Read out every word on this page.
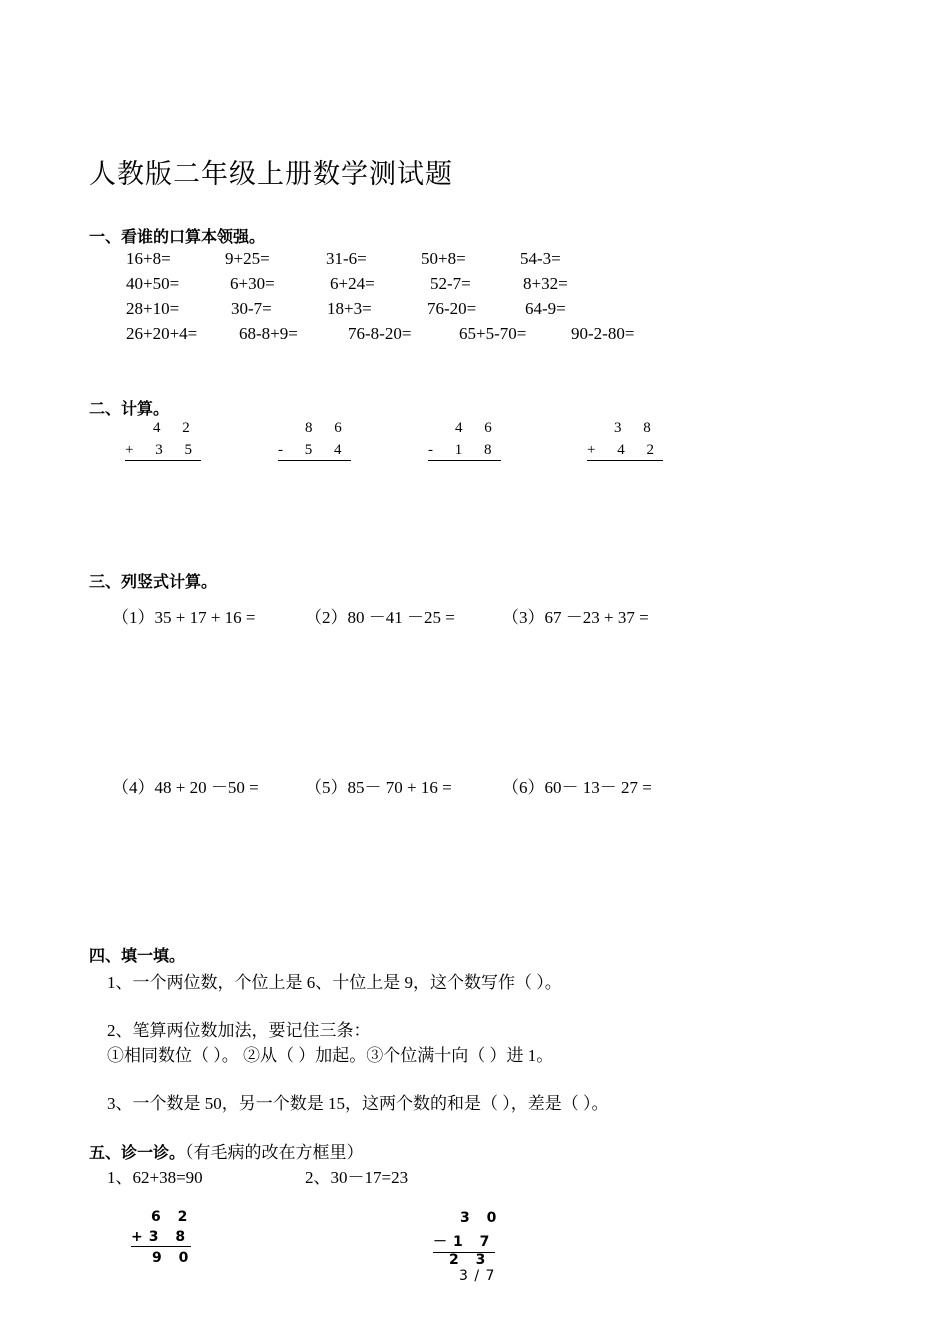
人教版二年级上册数学测试题
一、看谁的口算本领强。
16+8=	9+25=	31-6=	50+8=	54-3=
40+50=	6+30=	6+24=	52-7=	8+32=
28+10=	30-7=	18+3=	76-20=	64-9=
26+20+4= 68-8+9=	76-8-20=	65+5-70=	90-2-80=
二、计算。
4 2
+ 3 5
8 6
- 5 4
4 6
- 1 8
3 8
+ 4 2
三、列竖式计算。
（1）35 + 17 + 16 =	（2）80 －41 －25 =	（3）67 －23 + 37 =
（4）48 + 20 －50 =	（5）85－ 70 + 16 =	（6）60－ 13－ 27 =
四、填一填。
1、一个两位数，个位上是 6、十位上是 9，这个数写作（ ）。
2、笔算两位数加法，要记住三条：
①相同数位（ ）。 ②从（ ）加起。③个位满十向（ ）进 1。
3、一个数是 50，另一个数是 15，这两个数的和是（ ），差是（ ）。
五、诊一诊。（有毛病的改在方框里）
1、62+38=90	2、30－17=23
6 2
+3 8
9 0
3 0
－1 7
2 3
3 / 7
